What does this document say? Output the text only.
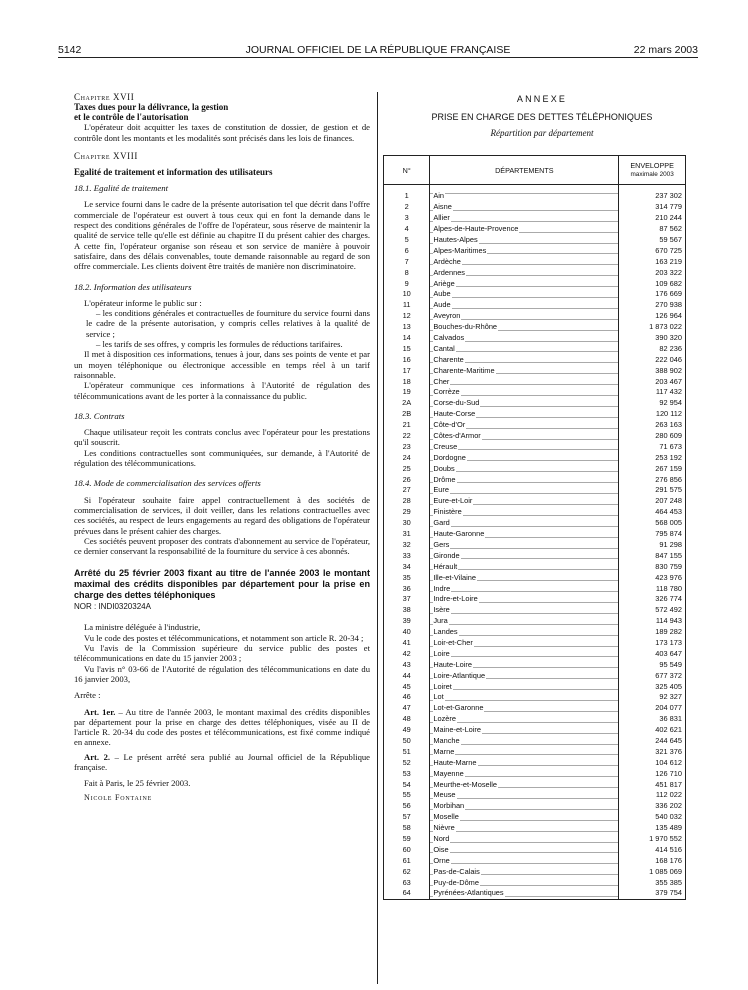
5142	JOURNAL OFFICIEL DE LA RÉPUBLIQUE FRANÇAISE	22 mars 2003

Chapitre XVII

Taxes dues pour la délivrance, la gestion
et le contrôle de l'autorisation

L'opérateur doit acquitter les taxes de constitution de dossier, de gestion et de contrôle dont les montants et les modalités sont précisés dans les lois de finances.

Chapitre XVIII

Egalité de traitement et information des utilisateurs

18.1. Egalité de traitement

Le service fourni dans le cadre de la présente autorisation tel que décrit dans l'offre commerciale de l'opérateur est ouvert à tous ceux qui en font la demande dans le respect des conditions générales de l'offre de l'opérateur, sous réserve de maintenir la qualité de service telle qu'elle est définie au chapitre II du présent cahier des charges. A cette fin, l'opérateur organise son réseau et son service de manière à pouvoir satisfaire, dans des délais convenables, toute demande raisonnable au regard de son offre commerciale. Les clients doivent être traités de manière non discriminatoire.

18.2. Information des utilisateurs

L'opérateur informe le public sur :

– les conditions générales et contractuelles de fourniture du service fourni dans le cadre de la présente autorisation, y compris celles relatives à la qualité de service ;

– les tarifs de ses offres, y compris les formules de réductions tarifaires.

Il met à disposition ces informations, tenues à jour, dans ses points de vente et par un moyen téléphonique ou électronique accessible en temps réel à un tarif raisonnable.

L'opérateur communique ces informations à l'Autorité de régulation des télécommunications avant de les porter à la connaissance du public.

18.3. Contrats

Chaque utilisateur reçoit les contrats conclus avec l'opérateur pour les prestations qu'il souscrit.

Les conditions contractuelles sont communiquées, sur demande, à l'Autorité de régulation des télécommunications.

18.4. Mode de commercialisation des services offerts

Si l'opérateur souhaite faire appel contractuellement à des sociétés de commercialisation de services, il doit veiller, dans les relations contractuelles avec ces sociétés, au respect de leurs engagements au regard des obligations de l'opérateur prévues dans le présent cahier des charges.

Ces sociétés peuvent proposer des contrats d'abonnement au service de l'opérateur, ce dernier conservant la responsabilité de la fourniture du service à ces abonnés.

Arrêté du 25 février 2003 fixant au titre de l'année 2003 le montant maximal des crédits disponibles par département pour la prise en charge des dettes téléphoniques

NOR : INDI0320324A

La ministre déléguée à l'industrie,

Vu le code des postes et télécommunications, et notamment son article R. 20-34 ;

Vu l'avis de la Commission supérieure du service public des postes et télécommunications en date du 15 janvier 2003 ;

Vu l'avis n° 03-66 de l'Autorité de régulation des télécommunications en date du 16 janvier 2003,

Arrête :

Art. 1er. – Au titre de l'année 2003, le montant maximal des crédits disponibles par département pour la prise en charge des dettes téléphoniques, visée au II de l'article R. 20-34 du code des postes et télécommunications, est fixé comme indiqué en annexe.

Art. 2. – Le présent arrêté sera publié au Journal officiel de la République française.

Fait à Paris, le 25 février 2003.

Nicole Fontaine

ANNEXE
PRISE EN CHARGE DES DETTES TÉLÉPHONIQUES
Répartition par département
N°	DÉPARTEMENTS	ENVELOPPE
maximale 2003
1	Ain	237 302
2	Aisne	314 779
3	Allier	210 244
4	Alpes-de-Haute-Provence	87 562
5	Hautes-Alpes	59 567
6	Alpes-Maritimes	670 725
7	Ardèche	163 219
8	Ardennes	203 322
9	Ariège	109 682
10	Aube	176 669
11	Aude	270 938
12	Aveyron	126 964
13	Bouches-du-Rhône	1 873 022
14	Calvados	390 320
15	Cantal	82 236
16	Charente	222 046
17	Charente-Maritime	388 902
18	Cher	203 467
19	Corrèze	117 432
2A	Corse-du-Sud	92 954
2B	Haute-Corse	120 112
21	Côte-d'Or	263 163
22	Côtes-d'Armor	280 609
23	Creuse	71 673
24	Dordogne	253 192
25	Doubs	267 159
26	Drôme	276 856
27	Eure	291 575
28	Eure-et-Loir	207 248
29	Finistère	464 453
30	Gard	568 005
31	Haute-Garonne	795 874
32	Gers	91 298
33	Gironde	847 155
34	Hérault	830 759
35	Ille-et-Vilaine	423 976
36	Indre	118 780
37	Indre-et-Loire	326 774
38	Isère	572 492
39	Jura	114 943
40	Landes	189 282
41	Loir-et-Cher	173 173
42	Loire	403 647
43	Haute-Loire	95 549
44	Loire-Atlantique	677 372
45	Loiret	325 405
46	Lot	92 327
47	Lot-et-Garonne	204 077
48	Lozère	36 831
49	Maine-et-Loire	402 621
50	Manche	244 645
51	Marne	321 376
52	Haute-Marne	104 612
53	Mayenne	126 710
54	Meurthe-et-Moselle	451 817
55	Meuse	112 022
56	Morbihan	336 202
57	Moselle	540 032
58	Nièvre	135 489
59	Nord	1 970 552
60	Oise	414 516
61	Orne	168 176
62	Pas-de-Calais	1 085 069
63	Puy-de-Dôme	355 385
64	Pyrénées-Atlantiques	379 754
